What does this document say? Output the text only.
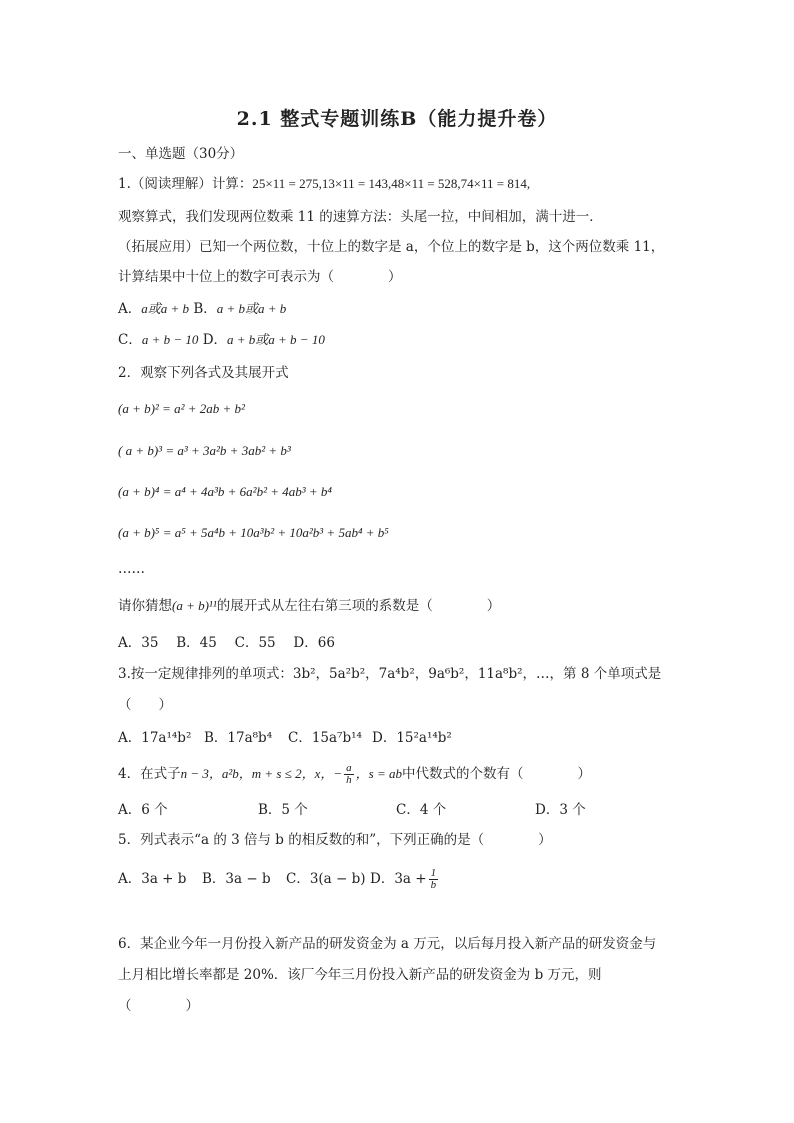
2.1 整式专题训练B（能力提升卷）
一、单选题（30分）
1.（阅读理解）计算：25×11 = 275,13×11 = 143,48×11 = 528,74×11 = 814,
观察算式，我们发现两位数乘 11 的速算方法：头尾一拉，中间相加，满十进一．
（拓展应用）已知一个两位数，十位上的数字是 a，个位上的数字是 b，这个两位数乘 11，
计算结果中十位上的数字可表示为（　　　　）
A．a或a + b B．a + b或a + b
C．a + b − 10 D．a + b或a + b − 10
2．观察下列各式及其展开式
(a + b)² = a² + 2ab + b²
( a + b)³ = a³ + 3a²b + 3ab² + b³
(a + b)⁴ = a⁴ + 4a³b + 6a²b² + 4ab³ + b⁴
(a + b)⁵ = a⁵ + 5a⁴b + 10a³b² + 10a²b³ + 5ab⁴ + b⁵
……
请你猜想(a + b)¹¹的展开式从左往右第三项的系数是（　　　　）
A．35　 B．45　 C．55　 D．66
3.按一定规律排列的单项式：3b²，5a²b²，7a⁴b²，9a⁶b²，11a⁸b²，…，第 8 个单项式是
（　　）
A．17a¹⁴b² B．17a⁸b⁴ C．15a⁷b¹⁴ D．15²a¹⁴b²
4．在式子n − 3，a²b，m + s ≤ 2，x，− $\frac{a}{h}$ ，s = ab中代数式的个数有（　　　　）
A．6 个	B．5 个	C．4 个	D．3 个
5．列式表示“a 的 3 倍与 b 的相反数的和”，下列正确的是（　　　　）
A．3a + b B．3a − b C．3(a − b) D．$3a + \frac{1}{b}$
6．某企业今年一月份投入新产品的研发资金为 a 万元，以后每月投入新产品的研发资金与
上月相比增长率都是 20%．该厂今年三月份投入新产品的研发资金为 b 万元，则
（　　　　）
